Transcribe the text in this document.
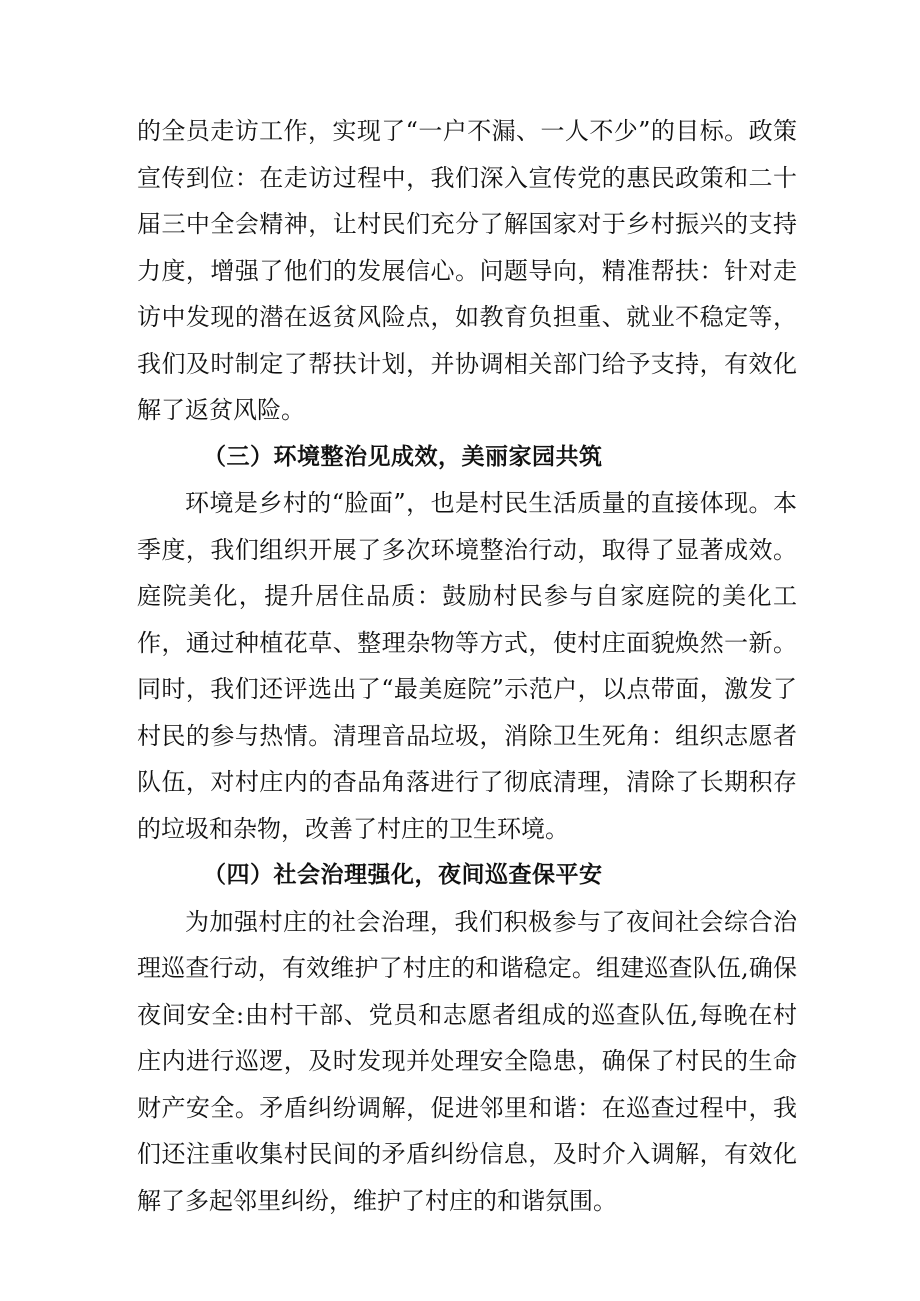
的全员走访工作，实现了“一户不漏、一人不少”的目标。政策宣传到位：在走访过程中，我们深入宣传党的惠民政策和二十届三中全会精神，让村民们充分了解国家对于乡村振兴的支持力度，增强了他们的发展信心。问题导向，精准帮扶：针对走访中发现的潜在返贫风险点，如教育负担重、就业不稳定等，我们及时制定了帮扶计划，并协调相关部门给予支持，有效化解了返贫风险。

（三）环境整治见成效，美丽家园共筑

环境是乡村的“脸面”，也是村民生活质量的直接体现。本季度，我们组织开展了多次环境整治行动，取得了显著成效。庭院美化，提升居住品质：鼓励村民参与自家庭院的美化工作，通过种植花草、整理杂物等方式，使村庄面貌焕然一新。同时，我们还评选出了“最美庭院”示范户，以点带面，激发了村民的参与热情。清理音品垃圾，消除卫生死角：组织志愿者队伍，对村庄内的杳品角落进行了彻底清理，清除了长期积存的垃圾和杂物，改善了村庄的卫生环境。

（四）社会治理强化，夜间巡查保平安

为加强村庄的社会治理，我们积极参与了夜间社会综合治理巡查行动，有效维护了村庄的和谐稳定。组建巡查队伍,确保夜间安全:由村干部、党员和志愿者组成的巡查队伍,每晚在村庄内进行巡逻，及时发现并处理安全隐患，确保了村民的生命财产安全。矛盾纠纷调解，促进邻里和谐：在巡查过程中，我们还注重收集村民间的矛盾纠纷信息，及时介入调解，有效化解了多起邻里纠纷，维护了村庄的和谐氛围。
